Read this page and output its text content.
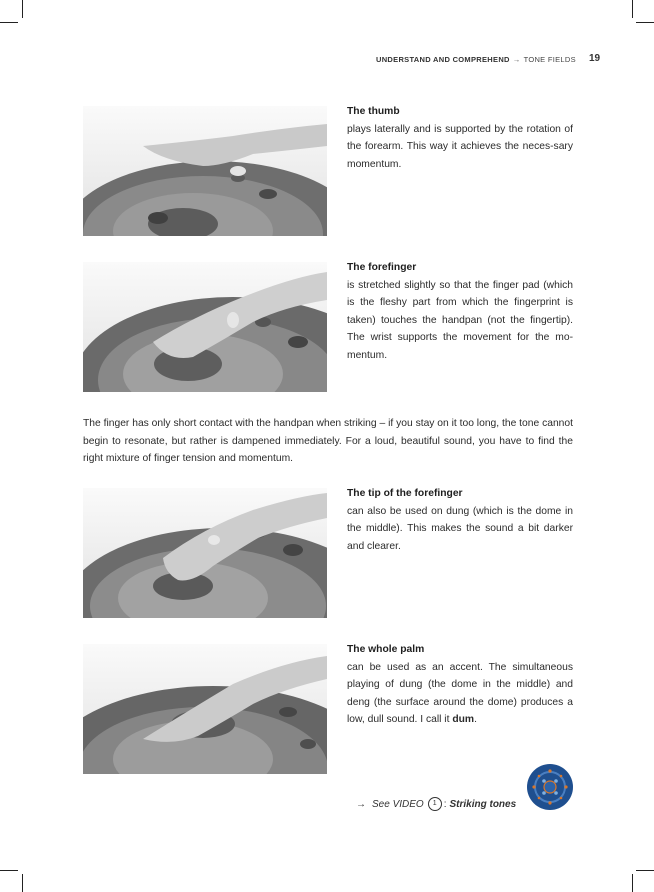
UNDERSTAND AND COMPREHEND → TONE FIELDS 19
The thumb
plays laterally and is supported by the rotation of the forearm. This way it achieves the neces-sary momentum.
The forefinger
is stretched slightly so that the finger pad (which is the fleshy part from which the fingerprint is taken) touches the handpan (not the fingertip). The wrist supports the movement for the mo-mentum.
The finger has only short contact with the handpan when striking – if you stay on it too long, the tone cannot begin to resonate, but rather is dampened immediately. For a loud, beautiful sound, you have to find the right mixture of finger tension and momentum.
The tip of the forefinger
can also be used on dung (which is the dome in the middle). This makes the sound a bit darker and clearer.
The whole palm
can be used as an accent. The simultaneous playing of dung (the dome in the middle) and deng (the surface around the dome) produces a low, dull sound. I call it dum.
→ See VIDEO	1 : Striking tones
